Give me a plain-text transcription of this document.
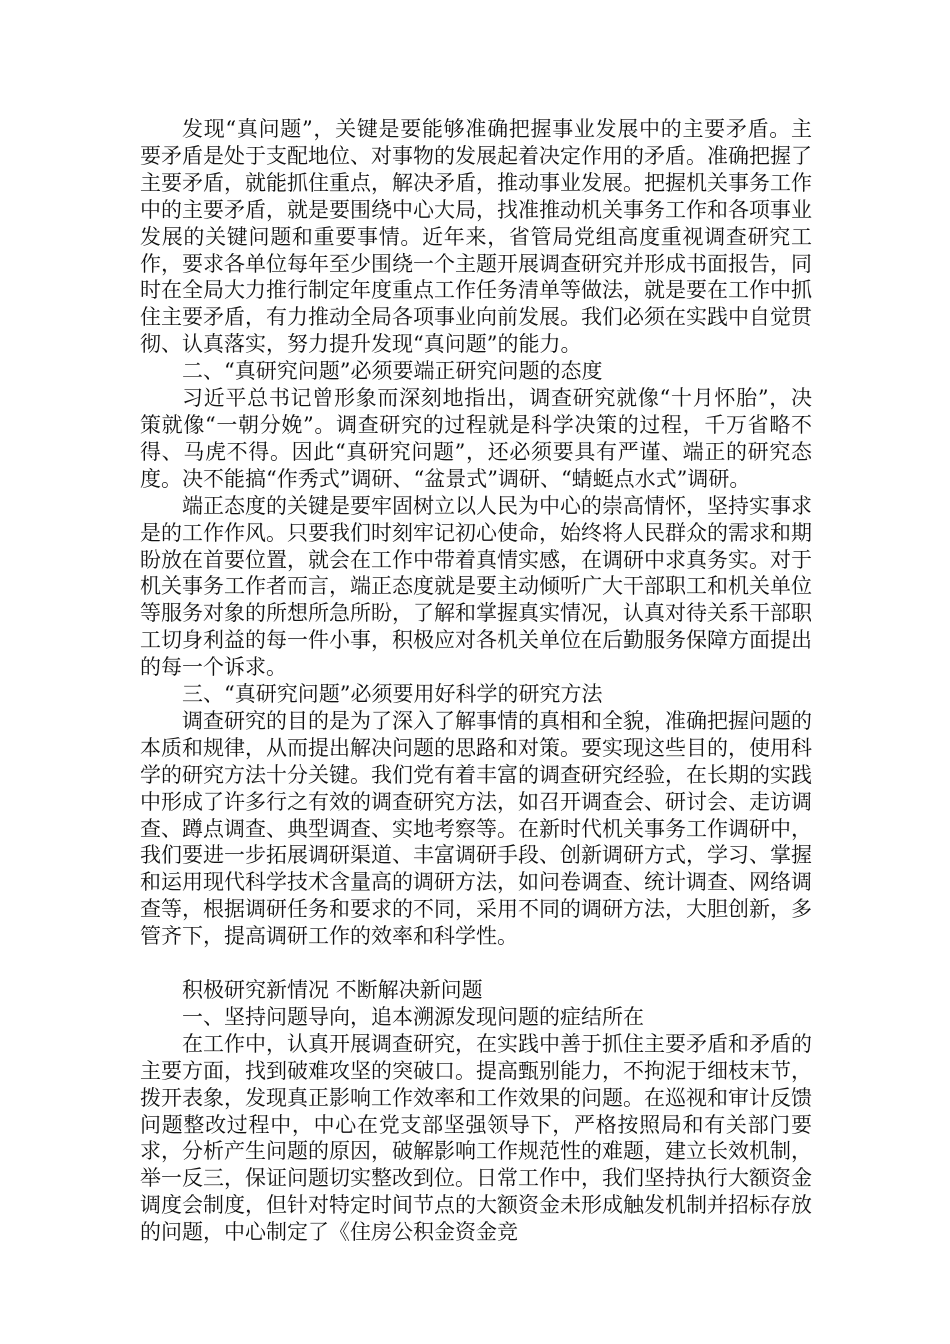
发现“真问题”，关键是要能够准确把握事业发展中的主要矛盾。主要矛盾是处于支配地位、对事物的发展起着决定作用的矛盾。准确把握了主要矛盾，就能抓住重点，解决矛盾，推动事业发展。把握机关事务工作中的主要矛盾，就是要围绕中心大局，找准推动机关事务工作和各项事业发展的关键问题和重要事情。近年来，省管局党组高度重视调查研究工作，要求各单位每年至少围绕一个主题开展调查研究并形成书面报告，同时在全局大力推行制定年度重点工作任务清单等做法，就是要在工作中抓住主要矛盾，有力推动全局各项事业向前发展。我们必须在实践中自觉贯彻、认真落实，努力提升发现“真问题”的能力。

二、“真研究问题”必须要端正研究问题的态度

习近平总书记曾形象而深刻地指出，调查研究就像“十月怀胎”，决策就像“一朝分娩”。调查研究的过程就是科学决策的过程，千万省略不得、马虎不得。因此“真研究问题”，还必须要具有严谨、端正的研究态度。决不能搞“作秀式”调研、“盆景式”调研、“蜻蜓点水式”调研。

端正态度的关键是要牢固树立以人民为中心的崇高情怀，坚持实事求是的工作作风。只要我们时刻牢记初心使命，始终将人民群众的需求和期盼放在首要位置，就会在工作中带着真情实感，在调研中求真务实。对于机关事务工作者而言，端正态度就是要主动倾听广大干部职工和机关单位等服务对象的所想所急所盼，了解和掌握真实情况，认真对待关系干部职工切身利益的每一件小事，积极应对各机关单位在后勤服务保障方面提出的每一个诉求。

三、“真研究问题”必须要用好科学的研究方法

调查研究的目的是为了深入了解事情的真相和全貌，准确把握问题的本质和规律，从而提出解决问题的思路和对策。要实现这些目的，使用科学的研究方法十分关键。我们党有着丰富的调查研究经验，在长期的实践中形成了许多行之有效的调查研究方法，如召开调查会、研讨会、走访调查、蹲点调查、典型调查、实地考察等。在新时代机关事务工作调研中，我们要进一步拓展调研渠道、丰富调研手段、创新调研方式，学习、掌握和运用现代科学技术含量高的调研方法，如问卷调查、统计调查、网络调查等，根据调研任务和要求的不同，采用不同的调研方法，大胆创新，多管齐下，提高调研工作的效率和科学性。

积极研究新情况 不断解决新问题

一、坚持问题导向，追本溯源发现问题的症结所在

在工作中，认真开展调查研究，在实践中善于抓住主要矛盾和矛盾的主要方面，找到破难攻坚的突破口。提高甄别能力，不拘泥于细枝末节，拨开表象，发现真正影响工作效率和工作效果的问题。在巡视和审计反馈问题整改过程中，中心在党支部坚强领导下，严格按照局和有关部门要求，分析产生问题的原因，破解影响工作规范性的难题，建立长效机制，举一反三，保证问题切实整改到位。日常工作中，我们坚持执行大额资金调度会制度，但针对特定时间节点的大额资金未形成触发机制并招标存放的问题，中心制定了《住房公积金资金竞
